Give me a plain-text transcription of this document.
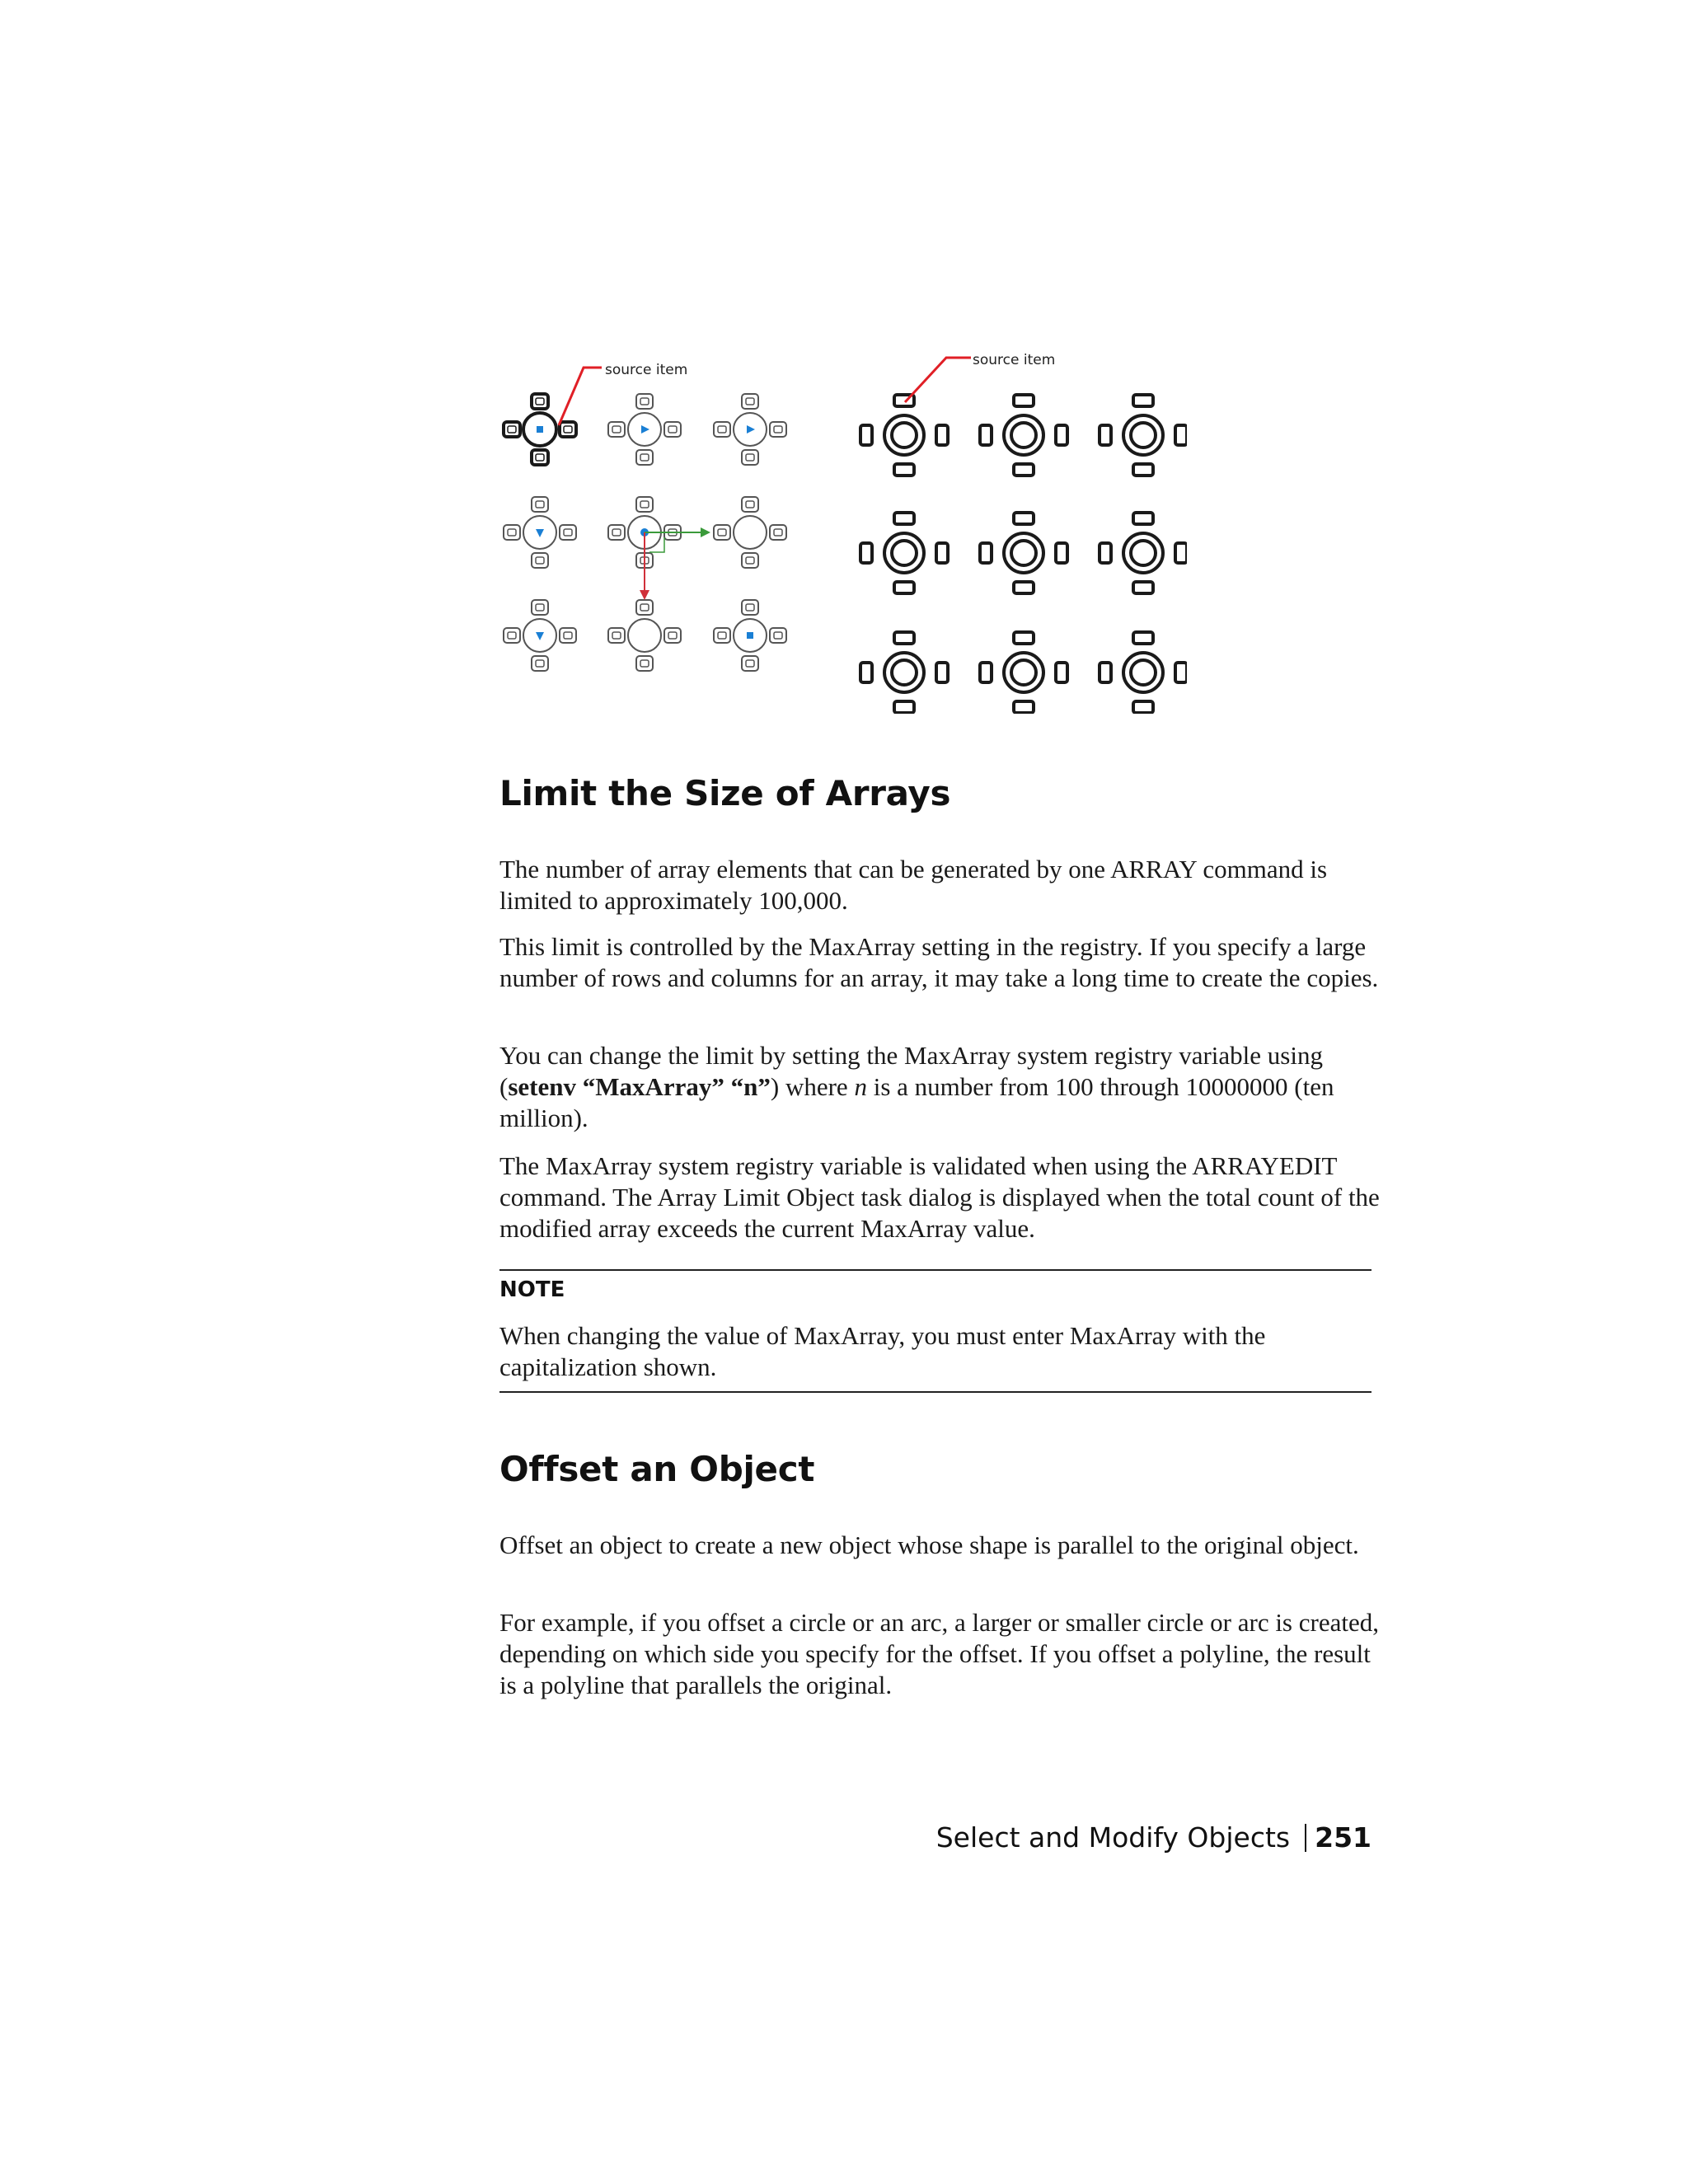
source item
source item
Limit the Size of Arrays

The number of array elements that can be generated by one ARRAY command is limited to approximately 100,000.

This limit is controlled by the MaxArray setting in the registry. If you specify a large number of rows and columns for an array, it may take a long time to create the copies.

You can change the limit by setting the MaxArray system registry variable using (setenv “MaxArray” “n”) where n is a number from 100 through 10000000 (ten million).

The MaxArray system registry variable is validated when using the ARRAYEDIT command. The Array Limit Object task dialog is displayed when the total count of the modified array exceeds the current MaxArray value.

NOTE

When changing the value of MaxArray, you must enter MaxArray with the capitalization shown.

Offset an Object

Offset an object to create a new object whose shape is parallel to the original object.

For example, if you offset a circle or an arc, a larger or smaller circle or arc is created, depending on which side you specify for the offset. If you offset a polyline, the result is a polyline that parallels the original.

Select and Modify Objects 251
